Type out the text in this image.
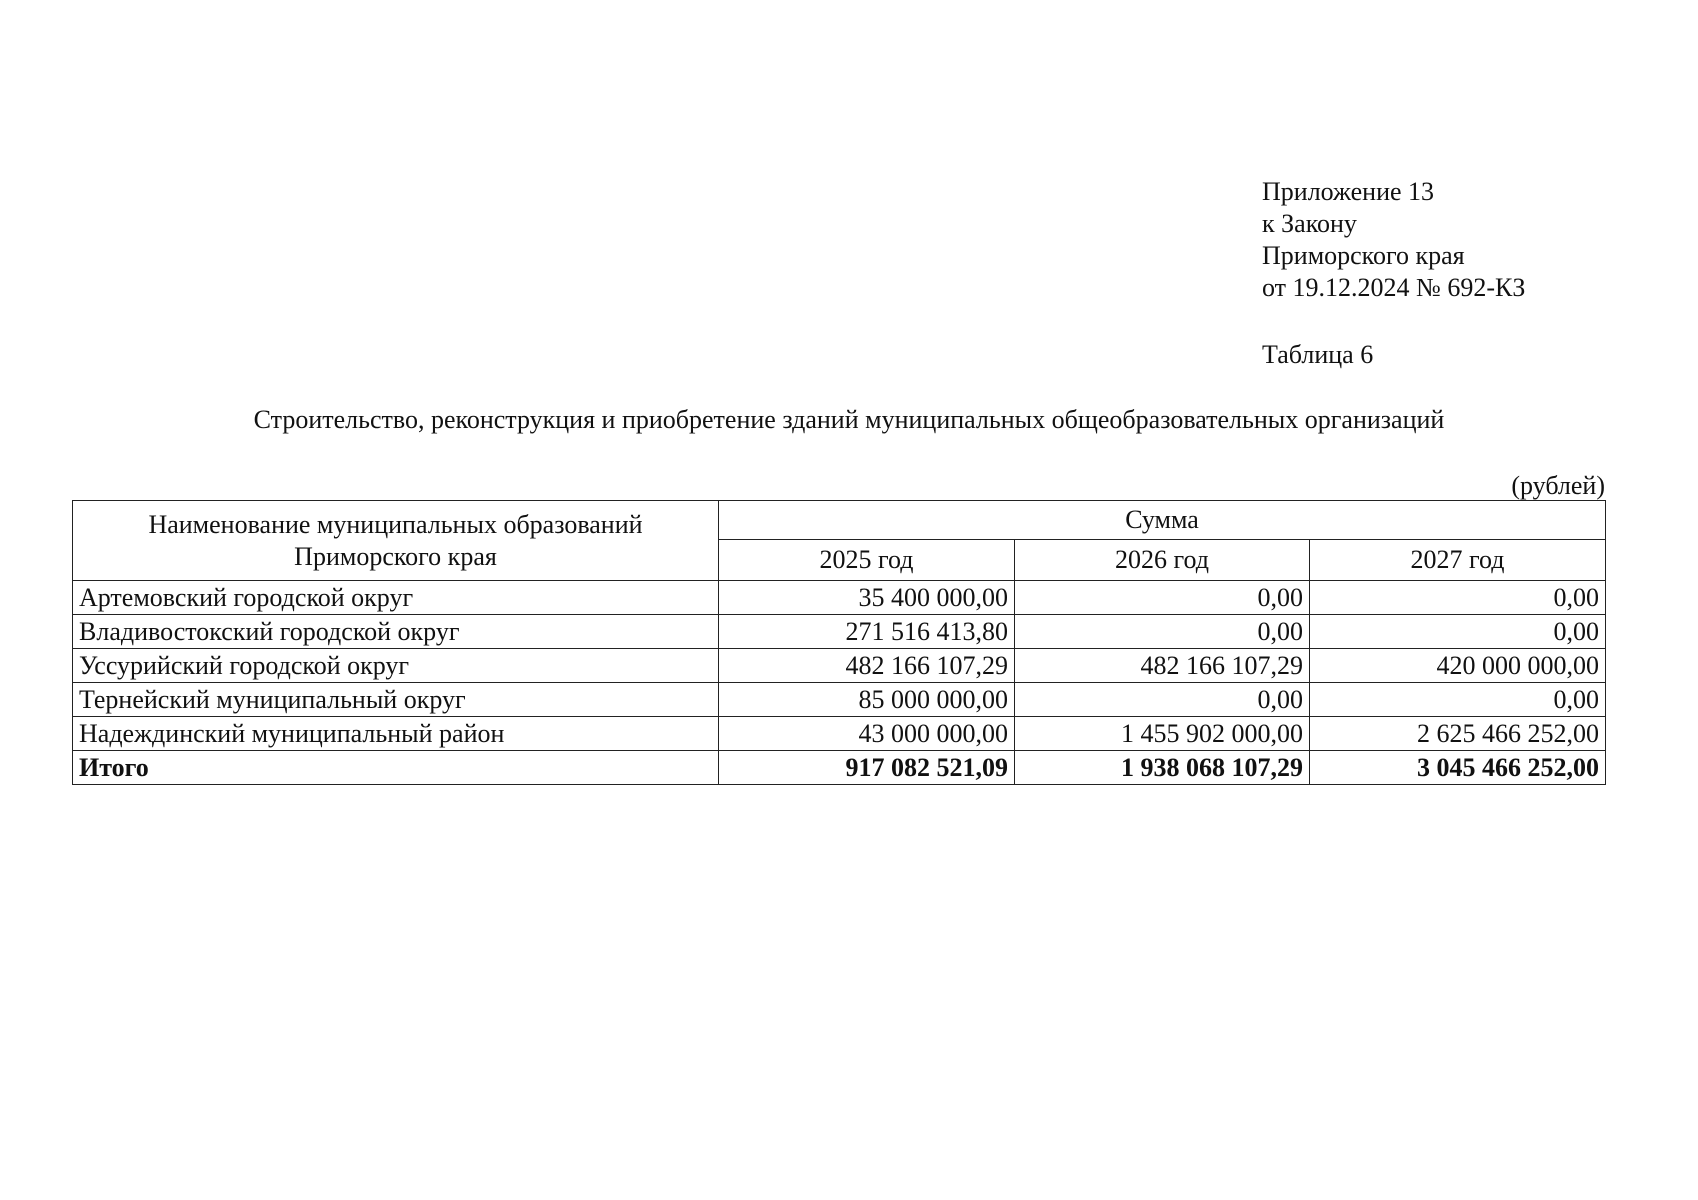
Приложение 13
к Закону
Приморского края
от 19.12.2024 № 692-КЗ
Таблица 6
Строительство, реконструкция и приобретение зданий муниципальных общеобразовательных организаций
(рублей)
Наименование муниципальных образований Приморского края	Сумма		
	2025 год	2026 год	2027 год
Артемовский городской округ	35 400 000,00	0,00	0,00
Владивостокский городской округ	271 516 413,80	0,00	0,00
Уссурийский городской округ	482 166 107,29	482 166 107,29	420 000 000,00
Тернейский муниципальный округ	85 000 000,00	0,00	0,00
Надеждинский муниципальный район	43 000 000,00	1 455 902 000,00	2 625 466 252,00
Итого	917 082 521,09	1 938 068 107,29	3 045 466 252,00
